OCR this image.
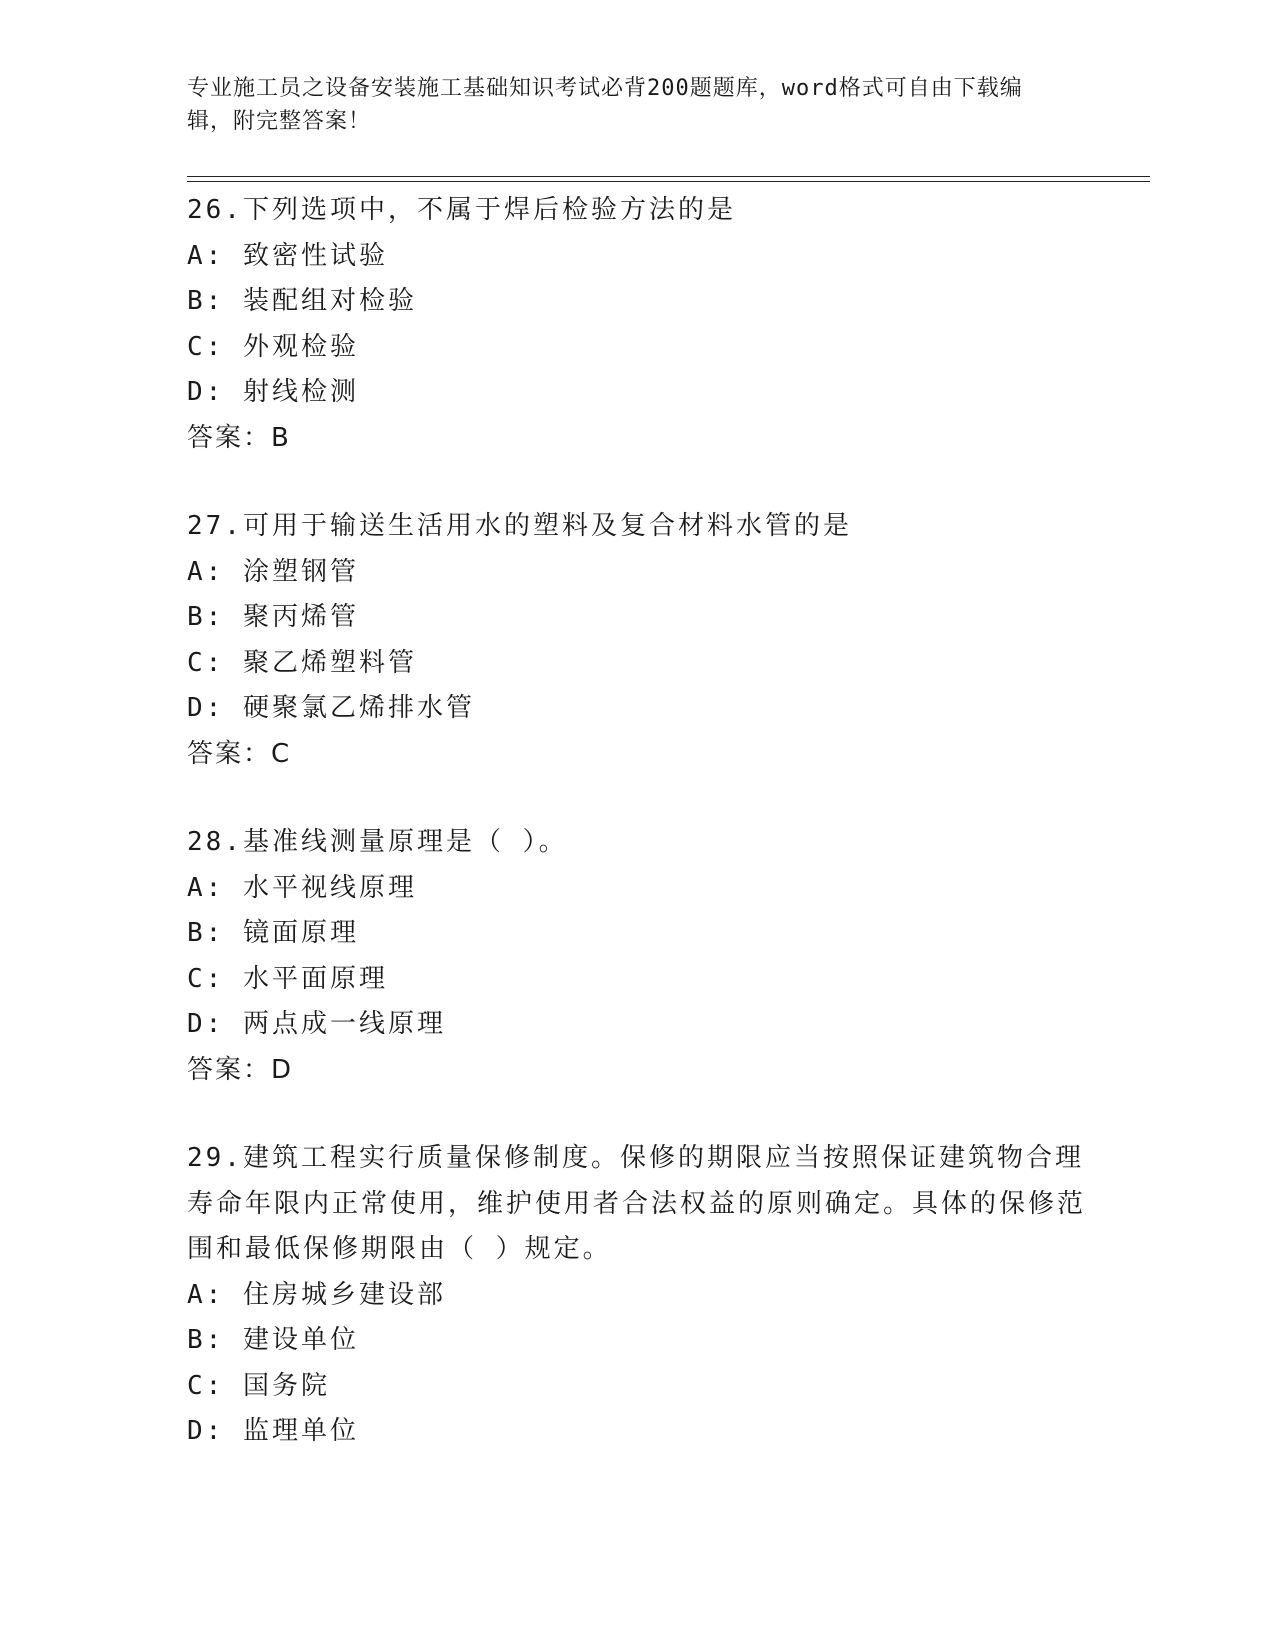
专业施工员之设备安装施工基础知识考试必背200题题库，word格式可自由下载编辑，附完整答案！
26.下列选项中，不属于焊后检验方法的是
A: 致密性试验
B: 装配组对检验
C: 外观检验
D: 射线检测
答案：B
27.可用于输送生活用水的塑料及复合材料水管的是
A: 涂塑钢管
B: 聚丙烯管
C: 聚乙烯塑料管
D: 硬聚氯乙烯排水管
答案：C
28.基准线测量原理是（ ）。
A: 水平视线原理
B: 镜面原理
C: 水平面原理
D: 两点成一线原理
答案：D
29.建筑工程实行质量保修制度。保修的期限应当按照保证建筑物合理寿命年限内正常使用，维护使用者合法权益的原则确定。具体的保修范围和最低保修期限由（ ）规定。
A: 住房城乡建设部
B: 建设单位
C: 国务院
D: 监理单位
